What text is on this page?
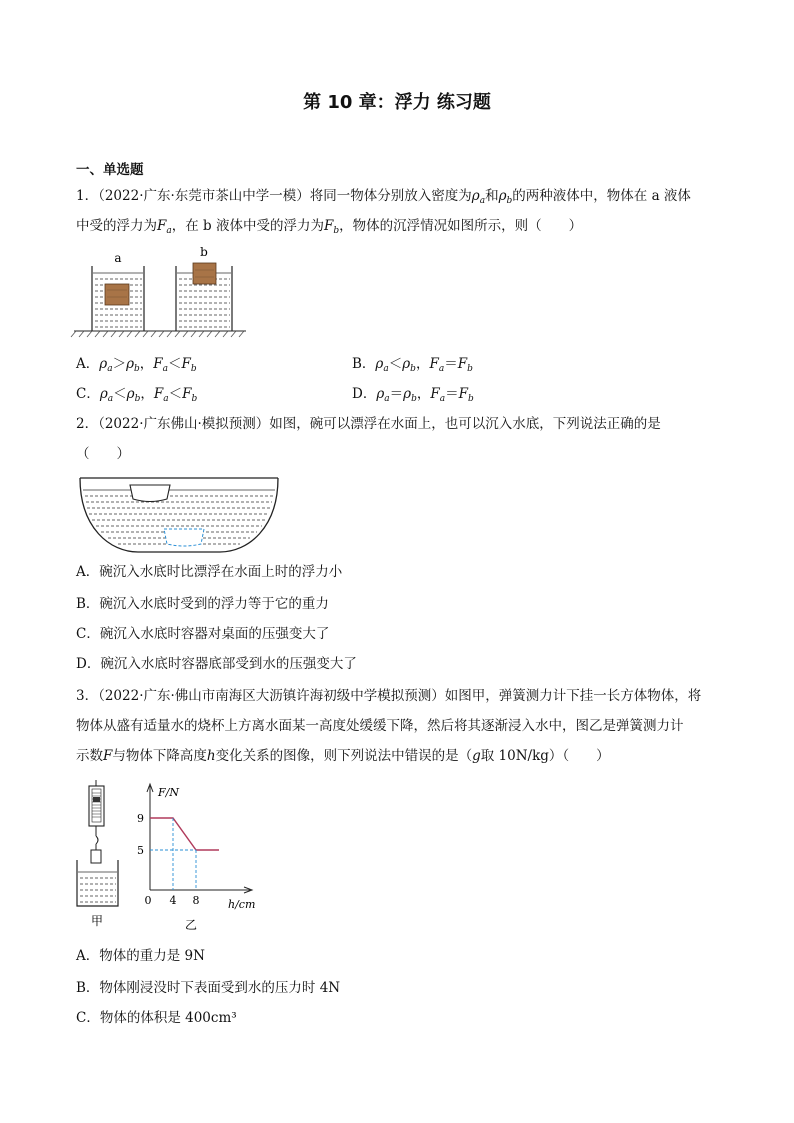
第 10 章：浮力 练习题
一、单选题
1．（2022·广东·东莞市茶山中学一模）将同一物体分别放入密度为$\rho_a$和$\rho_b$的两种液体中，物体在 a 液体
中受的浮力为$F_a$，在 b 液体中受的浮力为$F_b$，物体的沉浮情况如图所示，则（　　）
a	b
A．$\rho_a>\rho_b$，$F_a<F_b$	B．$\rho_a<\rho_b$，$F_a=F_b$
C．$\rho_a<\rho_b$，$F_a<F_b$	D．$\rho_a=\rho_b$，$F_a=F_b$
2．（2022·广东佛山·模拟预测）如图，碗可以漂浮在水面上，也可以沉入水底，下列说法正确的是
（　　）
A．碗沉入水底时比漂浮在水面上时的浮力小
B．碗沉入水底时受到的浮力等于它的重力
C．碗沉入水底时容器对桌面的压强变大了
D．碗沉入水底时容器底部受到水的压强变大了
3．（2022·广东·佛山市南海区大沥镇许海初级中学模拟预测）如图甲，弹簧测力计下挂一长方体物体，将
物体从盛有适量水的烧杯上方离水面某一高度处缓缓下降，然后将其逐渐浸入水中，图乙是弹簧测力计
示数F与物体下降高度h变化关系的图像，则下列说法中错误的是（g取 10N/kg）（　　）
甲
F/N
h/cm
0 4 8
9
5
乙
A．物体的重力是 9N
B．物体刚浸没时下表面受到水的压力时 4N
C．物体的体积是 400cm³
